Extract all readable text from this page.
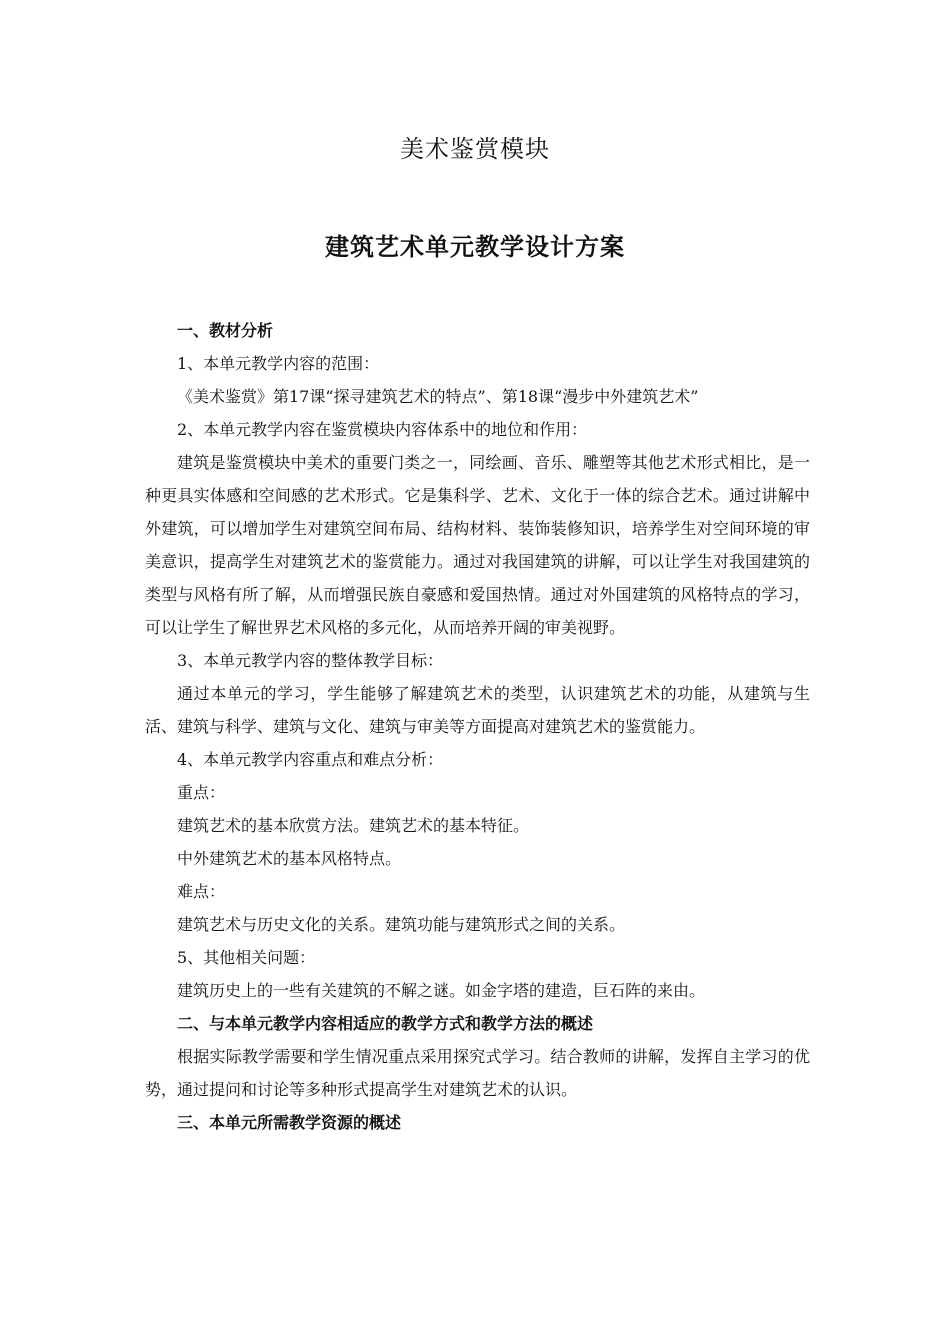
美术鉴赏模块
建筑艺术单元教学设计方案

一、教材分析

1、本单元教学内容的范围：

《美术鉴赏》第17课“探寻建筑艺术的特点”、第18课“漫步中外建筑艺术”

2、本单元教学内容在鉴赏模块内容体系中的地位和作用：

建筑是鉴赏模块中美术的重要门类之一，同绘画、音乐、雕塑等其他艺术形式相比，是一种更具实体感和空间感的艺术形式。它是集科学、艺术、文化于一体的综合艺术。通过讲解中外建筑，可以增加学生对建筑空间布局、结构材料、装饰装修知识，培养学生对空间环境的审美意识，提高学生对建筑艺术的鉴赏能力。通过对我国建筑的讲解，可以让学生对我国建筑的类型与风格有所了解，从而增强民族自豪感和爱国热情。通过对外国建筑的风格特点的学习，可以让学生了解世界艺术风格的多元化，从而培养开阔的审美视野。

3、本单元教学内容的整体教学目标：

通过本单元的学习，学生能够了解建筑艺术的类型，认识建筑艺术的功能，从建筑与生活、建筑与科学、建筑与文化、建筑与审美等方面提高对建筑艺术的鉴赏能力。

4、本单元教学内容重点和难点分析：

重点：

建筑艺术的基本欣赏方法。建筑艺术的基本特征。

中外建筑艺术的基本风格特点。

难点：

建筑艺术与历史文化的关系。建筑功能与建筑形式之间的关系。

5、其他相关问题：

建筑历史上的一些有关建筑的不解之谜。如金字塔的建造，巨石阵的来由。

二、与本单元教学内容相适应的教学方式和教学方法的概述

根据实际教学需要和学生情况重点采用探究式学习。结合教师的讲解，发挥自主学习的优势，通过提问和讨论等多种形式提高学生对建筑艺术的认识。

三、本单元所需教学资源的概述
